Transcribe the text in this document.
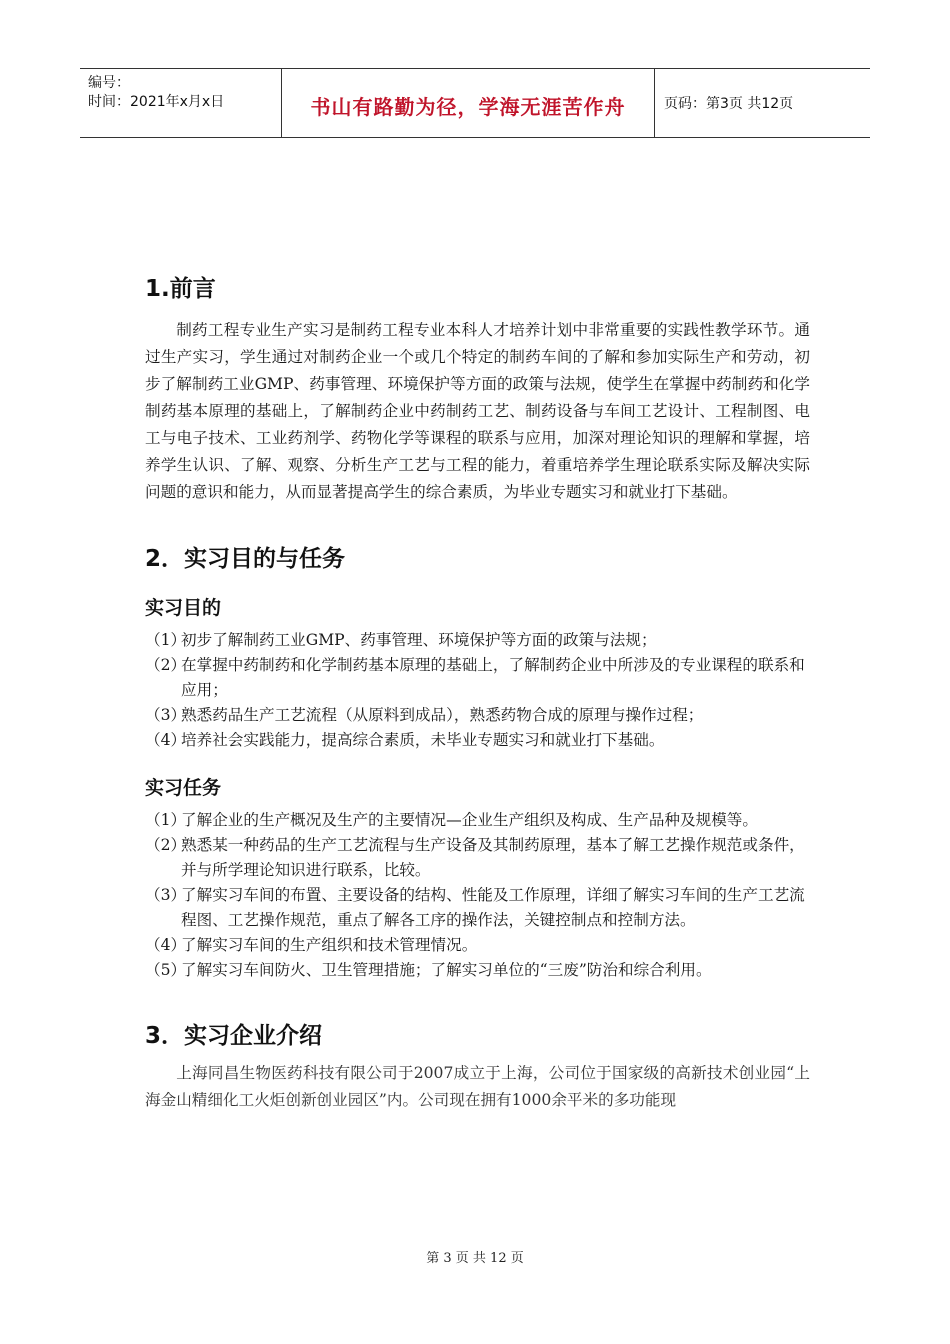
编号：
时间：2021年x月x日	书山有路勤为径，学海无涯苦作舟	页码：第3页 共12页
1.前言

制药工程专业生产实习是制药工程专业本科人才培养计划中非常重要的实践性教学环节。通过生产实习，学生通过对制药企业一个或几个特定的制药车间的了解和参加实际生产和劳动，初步了解制药工业GMP、药事管理、环境保护等方面的政策与法规，使学生在掌握中药制药和化学制药基本原理的基础上，了解制药企业中药制药工艺、制药设备与车间工艺设计、工程制图、电工与电子技术、工业药剂学、药物化学等课程的联系与应用，加深对理论知识的理解和掌握，培养学生认识、了解、观察、分析生产工艺与工程的能力，着重培养学生理论联系实际及解决实际问题的意识和能力，从而显著提高学生的综合素质，为毕业专题实习和就业打下基础。

2．实习目的与任务
实习目的
（1）
初步了解制药工业GMP、药事管理、环境保护等方面的政策与法规；
（2）
在掌握中药制药和化学制药基本原理的基础上，了解制药企业中所涉及的专业课程的联系和应用；
（3）
熟悉药品生产工艺流程（从原料到成品），熟悉药物合成的原理与操作过程；
（4）
培养社会实践能力，提高综合素质，未毕业专题实习和就业打下基础。
实习任务
（1）
了解企业的生产概况及生产的主要情况—企业生产组织及构成、生产品种及规模等。
（2）
熟悉某一种药品的生产工艺流程与生产设备及其制药原理，基本了解工艺操作规范或条件，并与所学理论知识进行联系，比较。
（3）
了解实习车间的布置、主要设备的结构、性能及工作原理，详细了解实习车间的生产工艺流程图、工艺操作规范，重点了解各工序的操作法，关键控制点和控制方法。
（4）
了解实习车间的生产组织和技术管理情况。
（5）
了解实习车间防火、卫生管理措施；了解实习单位的“三废”防治和综合利用。
3．实习企业介绍

上海同昌生物医药科技有限公司于2007成立于上海，公司位于国家级的高新技术创业园“上海金山精细化工火炬创新创业园区”内。公司现在拥有1000余平米的多功能现

第 3 页 共 12 页
